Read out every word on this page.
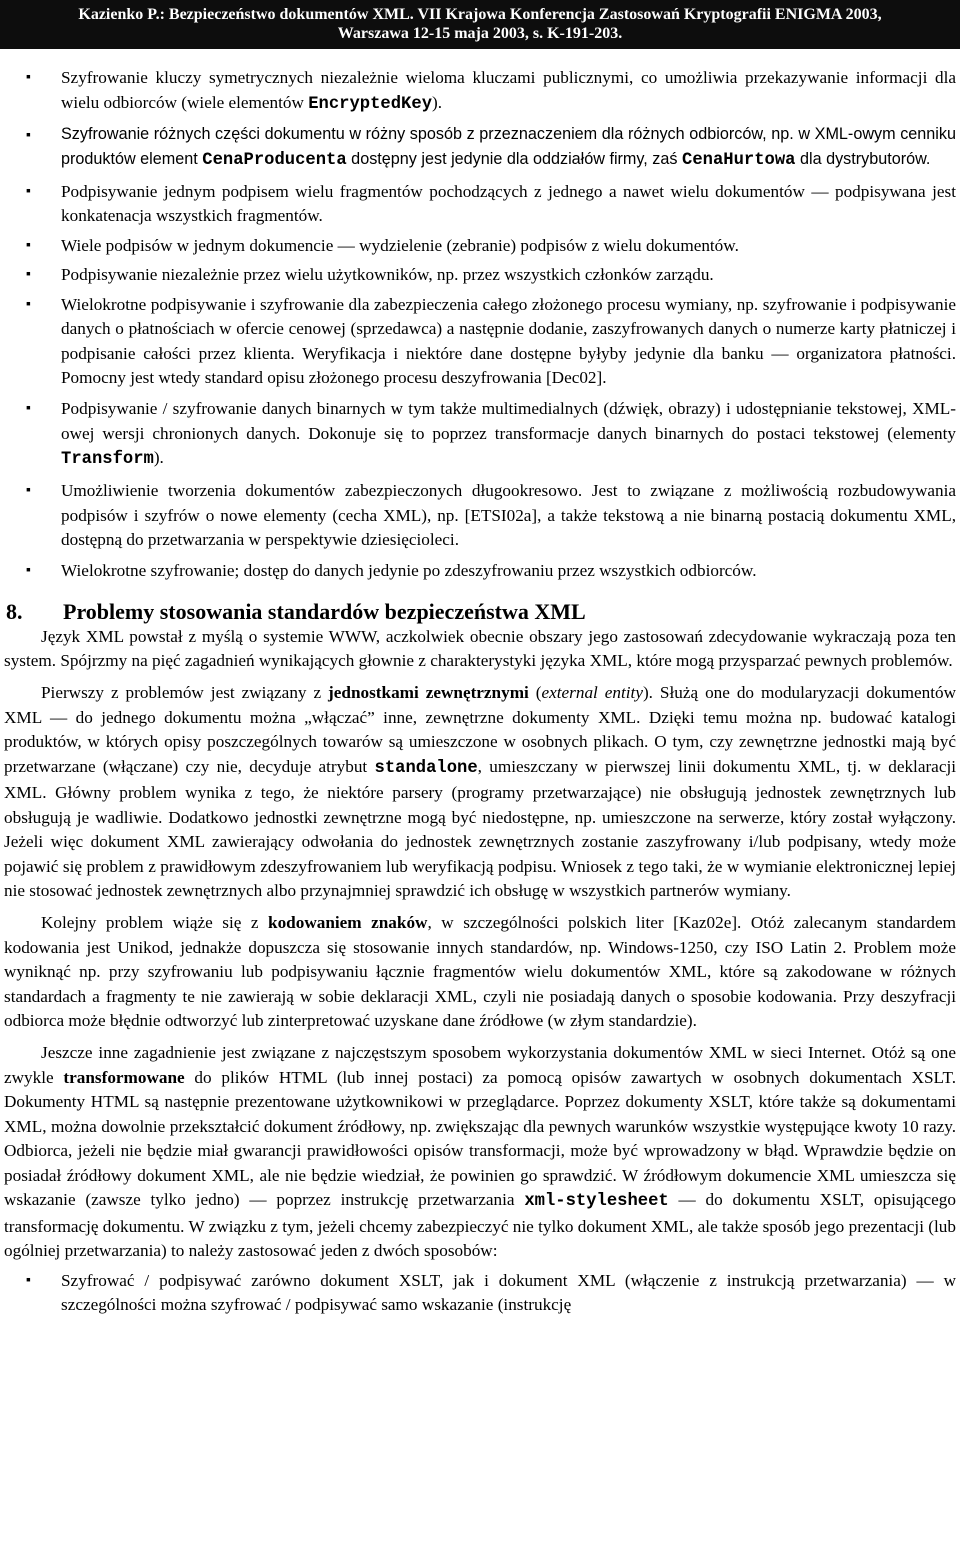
Kazienko P.: Bezpieczeństwo dokumentów XML. VII Krajowa Konferencja Zastosowań Kryptografii ENIGMA 2003,
Warszawa 12-15 maja 2003, s. K-191-203.

▪ Szyfrowanie kluczy symetrycznych niezależnie wieloma kluczami publicznymi, co umożliwia przekazywanie informacji dla wielu odbiorców (wiele elementów EncryptedKey).

▪ Szyfrowanie różnych części dokumentu w różny sposób z przeznaczeniem dla różnych odbiorców, np. w XML-owym cenniku produktów element CenaProducenta dostępny jest jedynie dla oddziałów firmy, zaś CenaHurtowa dla dystrybutorów.

▪ Podpisywanie jednym podpisem wielu fragmentów pochodzących z jednego a nawet wielu dokumentów — podpisywana jest konkatenacja wszystkich fragmentów.

▪ Wiele podpisów w jednym dokumencie — wydzielenie (zebranie) podpisów z wielu dokumentów.

▪ Podpisywanie niezależnie przez wielu użytkowników, np. przez wszystkich członków zarządu.

▪ Wielokrotne podpisywanie i szyfrowanie dla zabezpieczenia całego złożonego procesu wymiany, np. szyfrowanie i podpisywanie danych o płatnościach w ofercie cenowej (sprzedawca) a następnie dodanie, zaszyfrowanych danych o numerze karty płatniczej i podpisanie całości przez klienta. Weryfikacja i niektóre dane dostępne byłyby jedynie dla banku — organizatora płatności. Pomocny jest wtedy standard opisu złożonego procesu deszyfrowania [Dec02].

▪ Podpisywanie / szyfrowanie danych binarnych w tym także multimedialnych (dźwięk, obrazy) i udostępnianie tekstowej, XML-owej wersji chronionych danych. Dokonuje się to poprzez transformacje danych binarnych do postaci tekstowej (elementy Transform).

▪ Umożliwienie tworzenia dokumentów zabezpieczonych długookresowo. Jest to związane z możliwością rozbudowywania podpisów i szyfrów o nowe elementy (cecha XML), np. [ETSI02a], a także tekstową a nie binarną postacią dokumentu XML, dostępną do przetwarzania w perspektywie dziesięcioleci.

▪ Wielokrotne szyfrowanie; dostęp do danych jedynie po zdeszyfrowaniu przez wszystkich odbiorców.

8. Problemy stosowania standardów bezpieczeństwa XML

Język XML powstał z myślą o systemie WWW, aczkolwiek obecnie obszary jego zastosowań zdecydowanie wykraczają poza ten system. Spójrzmy na pięć zagadnień wynikających głownie z charakterystyki języka XML, które mogą przysparzać pewnych problemów.

Pierwszy z problemów jest związany z jednostkami zewnętrznymi (external entity). Służą one do modularyzacji dokumentów XML — do jednego dokumentu można „włączać” inne, zewnętrzne dokumenty XML. Dzięki temu można np. budować katalogi produktów, w których opisy poszczególnych towarów są umieszczone w osobnych plikach. O tym, czy zewnętrzne jednostki mają być przetwarzane (włączane) czy nie, decyduje atrybut standalone, umieszczany w pierwszej linii dokumentu XML, tj. w deklaracji XML. Główny problem wynika z tego, że niektóre parsery (programy przetwarzające) nie obsługują jednostek zewnętrznych lub obsługują je wadliwie. Dodatkowo jednostki zewnętrzne mogą być niedostępne, np. umieszczone na serwerze, który został wyłączony. Jeżeli więc dokument XML zawierający odwołania do jednostek zewnętrznych zostanie zaszyfrowany i/lub podpisany, wtedy może pojawić się problem z prawidłowym zdeszyfrowaniem lub weryfikacją podpisu. Wniosek z tego taki, że w wymianie elektronicznej lepiej nie stosować jednostek zewnętrznych albo przynajmniej sprawdzić ich obsługę w wszystkich partnerów wymiany.

Kolejny problem wiąże się z kodowaniem znaków, w szczególności polskich liter [Kaz02e]. Otóż zalecanym standardem kodowania jest Unikod, jednakże dopuszcza się stosowanie innych standardów, np. Windows-1250, czy ISO Latin 2. Problem może wyniknąć np. przy szyfrowaniu lub podpisywaniu łącznie fragmentów wielu dokumentów XML, które są zakodowane w różnych standardach a fragmenty te nie zawierają w sobie deklaracji XML, czyli nie posiadają danych o sposobie kodowania. Przy deszyfracji odbiorca może błędnie odtworzyć lub zinterpretować uzyskane dane źródłowe (w złym standardzie).

Jeszcze inne zagadnienie jest związane z najczęstszym sposobem wykorzystania dokumentów XML w sieci Internet. Otóż są one zwykle transformowane do plików HTML (lub innej postaci) za pomocą opisów zawartych w osobnych dokumentach XSLT. Dokumenty HTML są następnie prezentowane użytkownikowi w przeglądarce. Poprzez dokumenty XSLT, które także są dokumentami XML, można dowolnie przekształcić dokument źródłowy, np. zwiększając dla pewnych warunków wszystkie występujące kwoty 10 razy. Odbiorca, jeżeli nie będzie miał gwarancji prawidłowości opisów transformacji, może być wprowadzony w błąd. Wprawdzie będzie on posiadał źródłowy dokument XML, ale nie będzie wiedział, że powinien go sprawdzić. W źródłowym dokumencie XML umieszcza się wskazanie (zawsze tylko jedno) — poprzez instrukcję przetwarzania xml-stylesheet — do dokumentu XSLT, opisującego transformację dokumentu. W związku z tym, jeżeli chcemy zabezpieczyć nie tylko dokument XML, ale także sposób jego prezentacji (lub ogólniej przetwarzania) to należy zastosować jeden z dwóch sposobów:

▪ Szyfrować / podpisywać zarówno dokument XSLT, jak i dokument XML (włączenie z instrukcją przetwarzania) — w szczególności można szyfrować / podpisywać samo wskazanie (instrukcję
